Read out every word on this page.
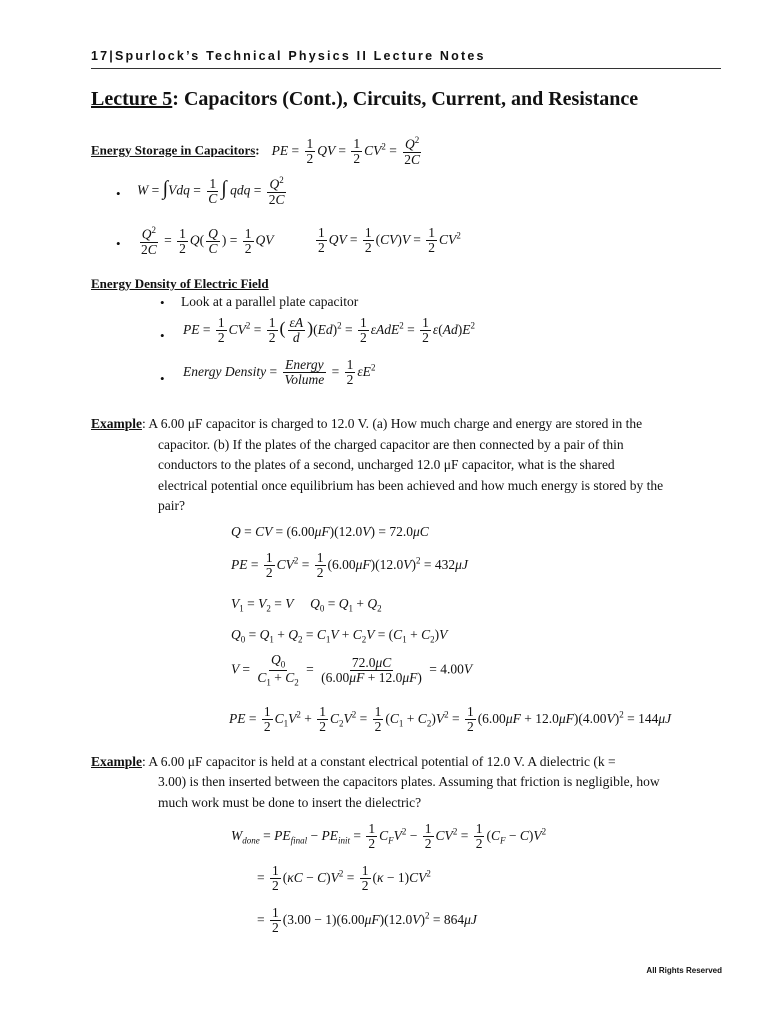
17|Spurlock’s Technical Physics II Lecture Notes
Lecture 5: Capacitors (Cont.), Circuits, Current, and Resistance
Energy Storage in Capacitors: PE = $\frac{1}{2}$ QV = $\frac{1}{2} CV^2 = \frac{Q^2}{2C}$
• $W = \int Vdq = \frac{1}{C}$ ∫ qdq = $\frac{Q^2}{2C}$
• $\frac{Q^2}{2C} = \frac{1}{2} Q( \frac{Q}{C}$ ) = $\frac{1}{2}$ QV	$\frac{1}{2}$ QV = $\frac{1}{2} (CV)V = \frac{1}{2} CV^2$
Energy Density of Electric Field
• Look at a parallel plate capacitor
• PE = $\frac{1}{2} CV^2 = \frac{1}{2}$ ( $\frac{\varepsilon A}{d} )(Ed)^2 = \frac{1}{2} \varepsilon AdE^2 = \frac{1}{2} \varepsilon(Ad)E^2$
• Energy Density = $\frac{\text{Energy}}{\text{Volume}} = \frac{1}{2} \varepsilon E^2$
Example: A 6.00 μF capacitor is charged to 12.0 V. (a) How much charge and energy are stored in the
capacitor. (b) If the plates of the charged capacitor are then connected by a pair of thin
conductors to the plates of a second, uncharged 12.0 μF capacitor, what is the shared
electrical potential once equilibrium has been achieved and how much energy is stored by the
pair?
Q = CV = (6.00μF)(12.0V) = 72.0μC
PE = $\frac{1}{2} CV^2 = \frac{1}{2} (6.00\mu F)(12.0V)^2 = 432\mu J$
$V_1 = V_2 = V$     $Q_0 = Q_1 + Q_2$
$Q_0 = Q_1 + Q_2 = C_1V + C_2V = (C_1 + C_2)V$
$V = \frac{Q_0}{C_1 + C_2} = \frac{72.0\mu C}{(6.00\mu F + 12.0\mu F)} = 4.00V$
PE = $\frac{1}{2} C_1V^2 + \frac{1}{2} C_2V^2 = \frac{1}{2} (C_1 + C_2)V^2 = \frac{1}{2} (6.00\mu F + 12.0\mu F)(4.00V)^2 = 144\mu J$
Example: A 6.00 μF capacitor is held at a constant electrical potential of 12.0 V. A dielectric (k =
3.00) is then inserted between the capacitors plates. Assuming that friction is negligible, how
much work must be done to insert the dielectric?
$W_{done} = PE_{final} - PE_{init} = \frac{1}{2} C_FV^2 - \frac{1}{2} CV^2 = \frac{1}{2} (C_F - C)V^2$
= $\frac{1}{2} (\kappa C - C)V^2 = \frac{1}{2} (\kappa - 1)CV^2$
= $\frac{1}{2} (3.00 - 1)(6.00\mu F)(12.0V)^2 = 864\mu J$
All Rights Reserved
